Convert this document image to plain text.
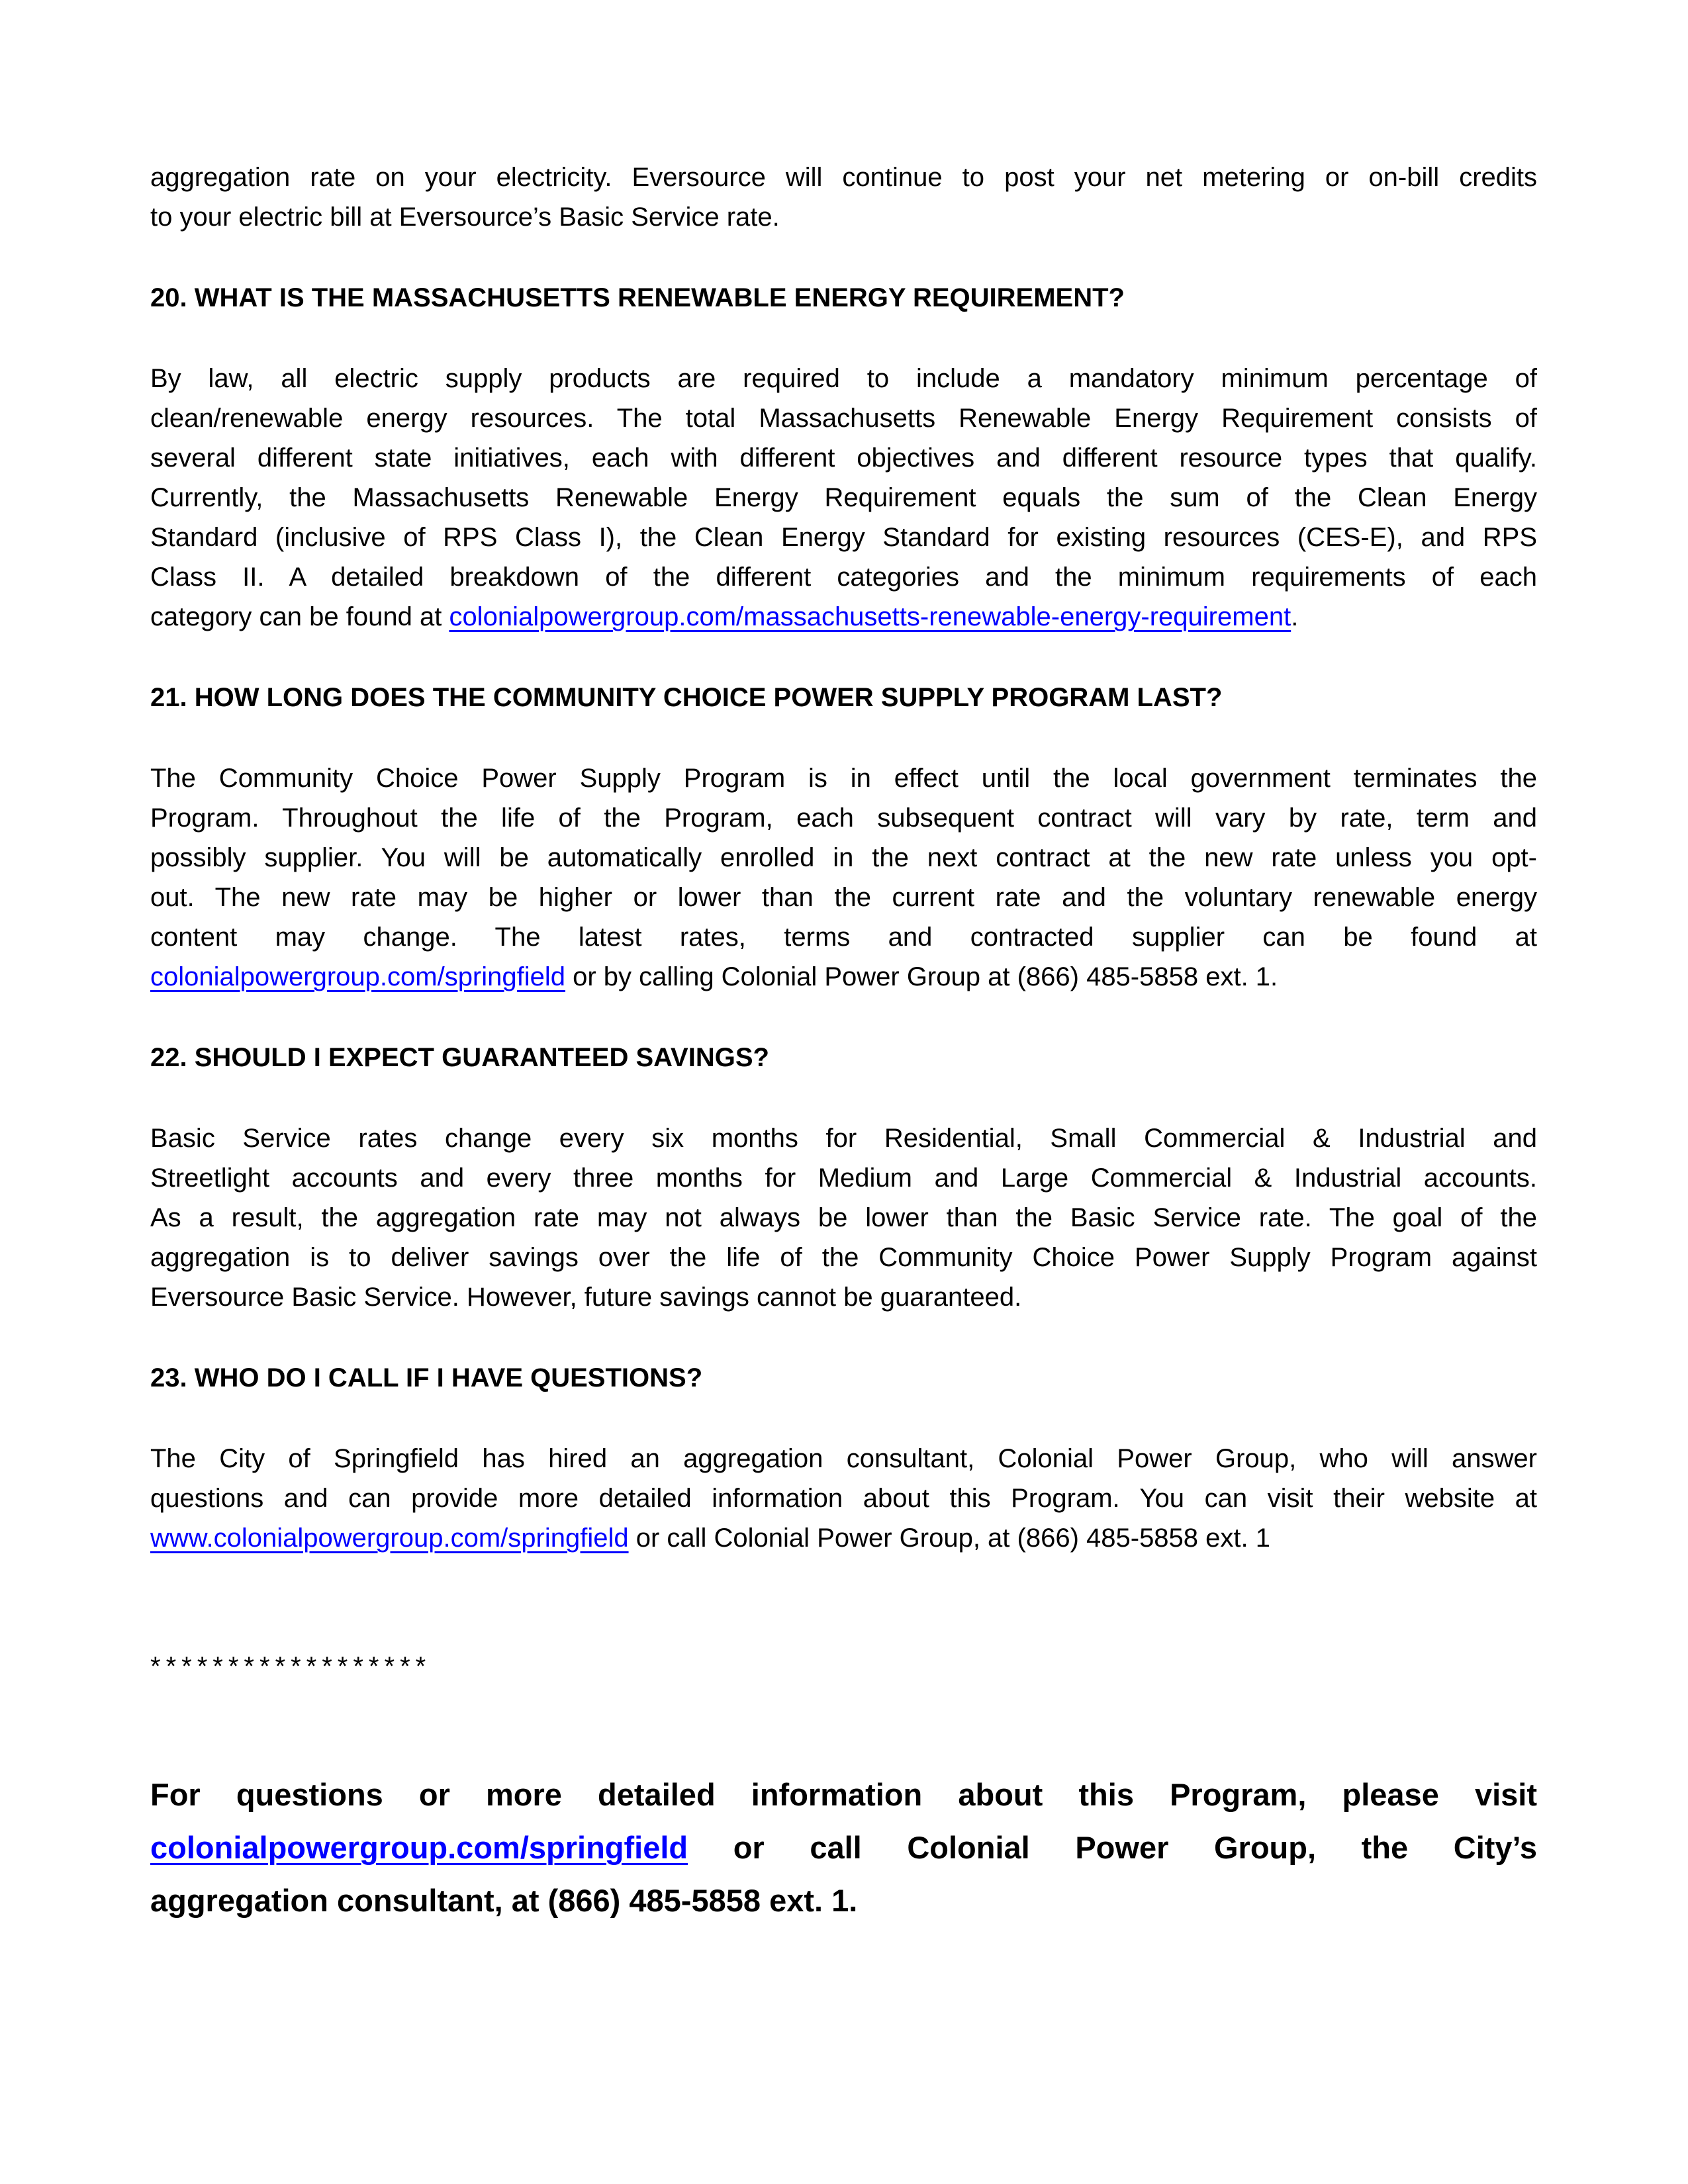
aggregation rate on your electricity. Eversource will continue to post your net metering or on-bill credits
to your electric bill at Eversource’s Basic Service rate.
20. WHAT IS THE MASSACHUSETTS RENEWABLE ENERGY REQUIREMENT?
By law, all electric supply products are required to include a mandatory minimum percentage of
clean/renewable energy resources. The total Massachusetts Renewable Energy Requirement consists of
several different state initiatives, each with different objectives and different resource types that qualify.
Currently, the Massachusetts Renewable Energy Requirement equals the sum of the Clean Energy
Standard (inclusive of RPS Class I), the Clean Energy Standard for existing resources (CES-E), and RPS
Class II. A detailed breakdown of the different categories and the minimum requirements of each
category can be found at colonialpowergroup.com/massachusetts-renewable-energy-requirement.
21. HOW LONG DOES THE COMMUNITY CHOICE POWER SUPPLY PROGRAM LAST?
The Community Choice Power Supply Program is in effect until the local government terminates the
Program. Throughout the life of the Program, each subsequent contract will vary by rate, term and
possibly supplier. You will be automatically enrolled in the next contract at the new rate unless you opt-
out. The new rate may be higher or lower than the current rate and the voluntary renewable energy
content may change. The latest rates, terms and contracted supplier can be found at
colonialpowergroup.com/springfield or by calling Colonial Power Group at (866) 485-5858 ext. 1.
22. SHOULD I EXPECT GUARANTEED SAVINGS?
Basic Service rates change every six months for Residential, Small Commercial & Industrial and
Streetlight accounts and every three months for Medium and Large Commercial & Industrial accounts.
As a result, the aggregation rate may not always be lower than the Basic Service rate. The goal of the
aggregation is to deliver savings over the life of the Community Choice Power Supply Program against
Eversource Basic Service. However, future savings cannot be guaranteed.
23. WHO DO I CALL IF I HAVE QUESTIONS?
The City of Springfield has hired an aggregation consultant, Colonial Power Group, who will answer
questions and can provide more detailed information about this Program. You can visit their website at
www.colonialpowergroup.com/springfield or call Colonial Power Group, at (866) 485-5858 ext. 1
******************
For questions or more detailed information about this Program, please visit
colonialpowergroup.com/springfield or call Colonial Power Group, the City’s
aggregation consultant, at (866) 485-5858 ext. 1.
